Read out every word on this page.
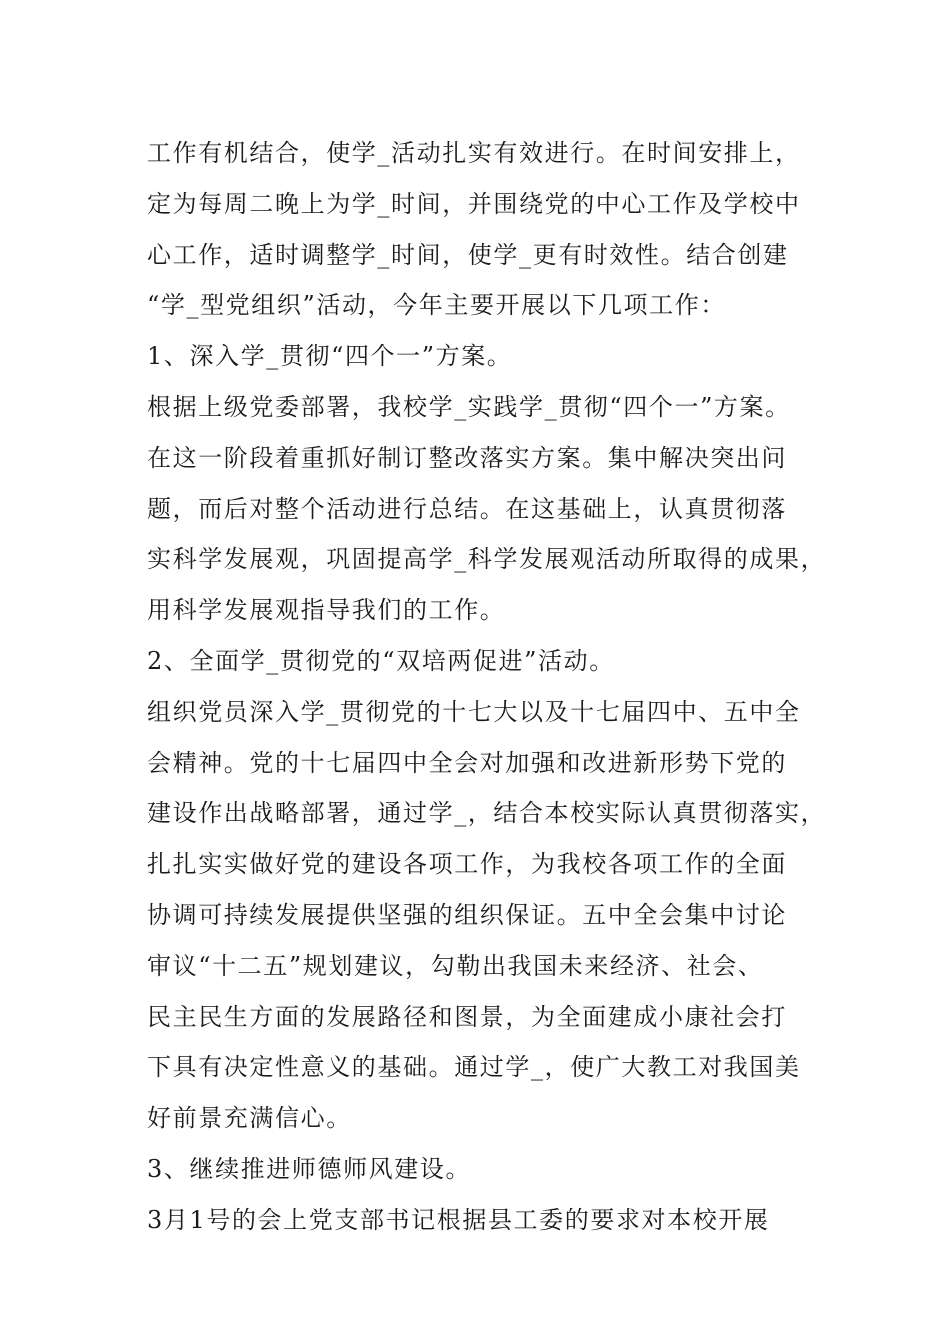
工作有机结合，使学_活动扎实有效进行。在时间安排上，
定为每周二晚上为学_时间，并围绕党的中心工作及学校中
心工作，适时调整学_时间，使学_更有时效性。结合创建
“学_型党组织”活动，今年主要开展以下几项工作：
1、深入学_贯彻“四个一”方案。
根据上级党委部署，我校学_实践学_贯彻“四个一”方案。
在这一阶段着重抓好制订整改落实方案。集中解决突出问
题，而后对整个活动进行总结。在这基础上，认真贯彻落
实科学发展观，巩固提高学_科学发展观活动所取得的成果，
用科学发展观指导我们的工作。
2、全面学_贯彻党的“双培两促进”活动。
组织党员深入学_贯彻党的十七大以及十七届四中、五中全
会精神。党的十七届四中全会对加强和改进新形势下党的
建设作出战略部署，通过学_，结合本校实际认真贯彻落实，
扎扎实实做好党的建设各项工作，为我校各项工作的全面
协调可持续发展提供坚强的组织保证。五中全会集中讨论
审议“十二五”规划建议，勾勒出我国未来经济、社会、
民主民生方面的发展路径和图景，为全面建成小康社会打
下具有决定性意义的基础。通过学_，使广大教工对我国美
好前景充满信心。
3、继续推进师德师风建设。
3月1号的会上党支部书记根据县工委的要求对本校开展
